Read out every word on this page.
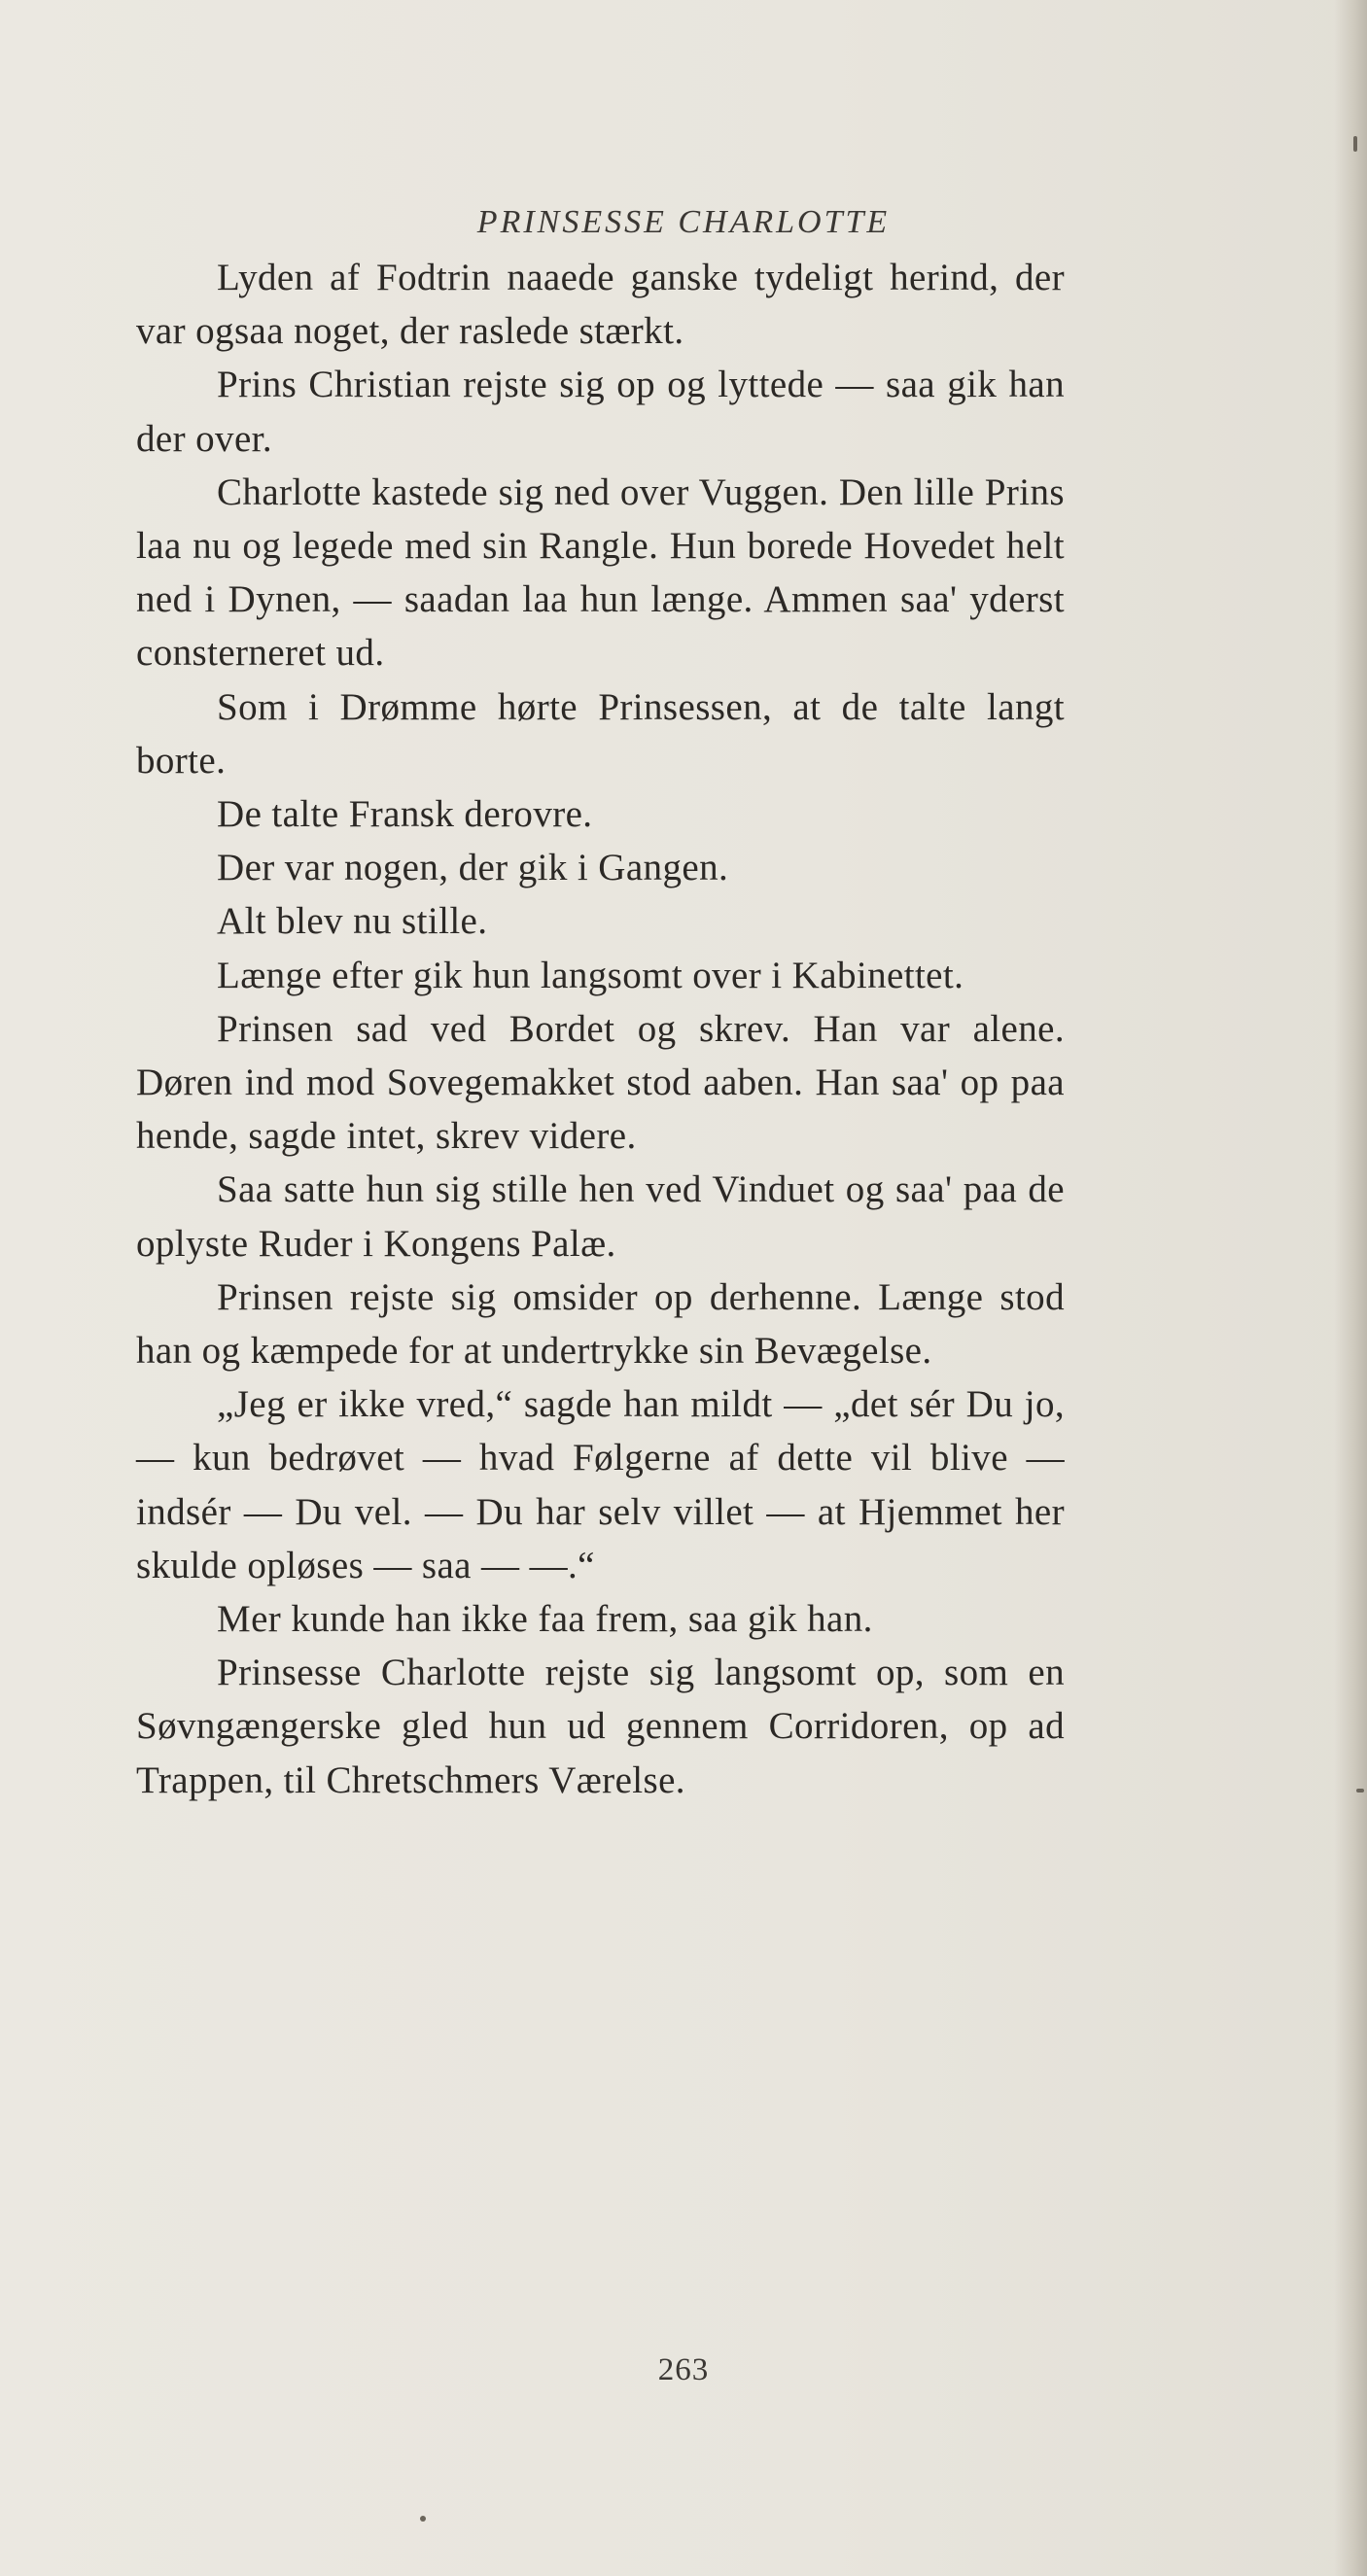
PRINSESSE CHARLOTTE

Lyden af Fodtrin naaede ganske tydeligt herind, der var ogsaa noget, der raslede stærkt.

Prins Christian rejste sig op og lyttede — saa gik han der over.

Charlotte kastede sig ned over Vuggen. Den lille Prins laa nu og legede med sin Rangle. Hun borede Hovedet helt ned i Dynen, — saadan laa hun længe. Ammen saa' yderst consterneret ud.

Som i Drømme hørte Prinsessen, at de talte langt borte.

De talte Fransk derovre.

Der var nogen, der gik i Gangen.

Alt blev nu stille.

Længe efter gik hun langsomt over i Kabinettet.

Prinsen sad ved Bordet og skrev. Han var alene. Døren ind mod Sovegemakket stod aaben. Han saa' op paa hende, sagde intet, skrev videre.

Saa satte hun sig stille hen ved Vinduet og saa' paa de oplyste Ruder i Kongens Palæ.

Prinsen rejste sig omsider op derhenne. Længe stod han og kæmpede for at undertrykke sin Bevægelse.

„Jeg er ikke vred,“ sagde han mildt — „det sér Du jo, — kun bedrøvet — hvad Følgerne af dette vil blive — indsér — Du vel. — Du har selv villet — at Hjemmet her skulde opløses — saa — —.“

Mer kunde han ikke faa frem, saa gik han.

Prinsesse Charlotte rejste sig langsomt op, som en Søvngængerske gled hun ud gennem Corridoren, op ad Trappen, til Chretschmers Værelse.

263
